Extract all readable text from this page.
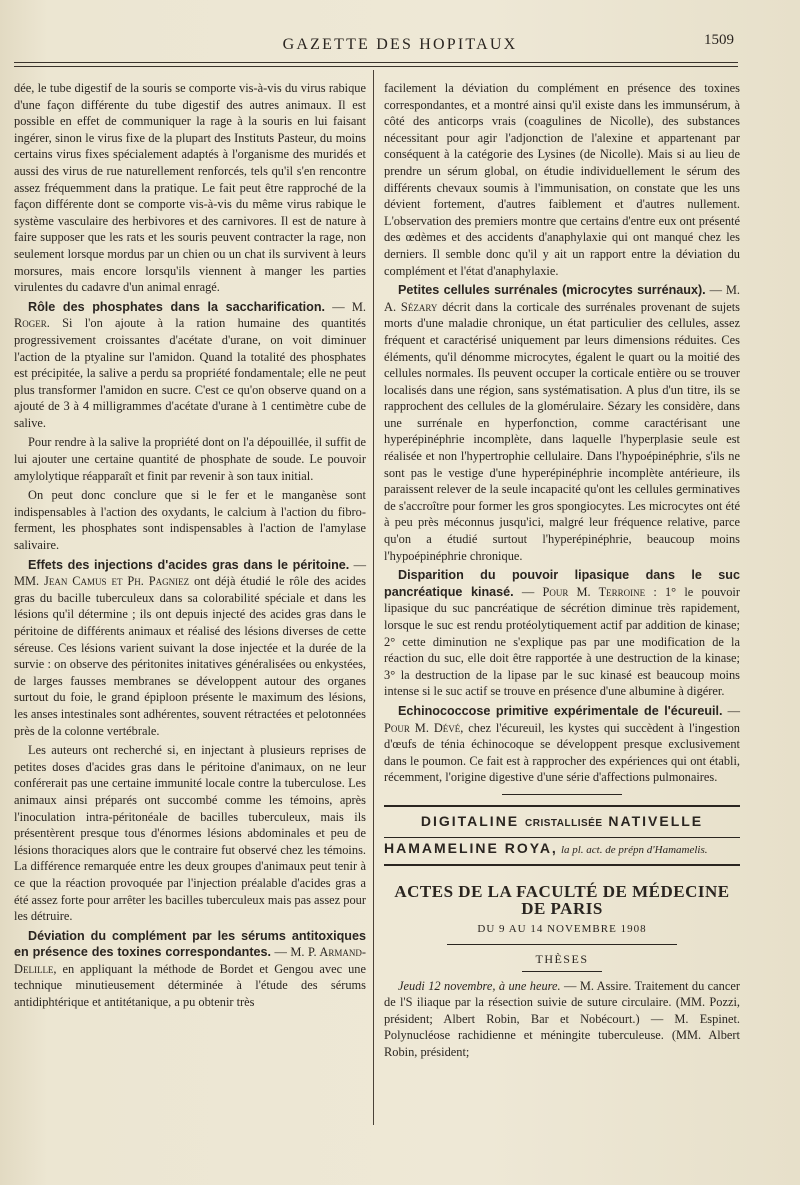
GAZETTE DES HOPITAUX	1509

dée, le tube digestif de la souris se comporte vis-à-vis du virus rabique d'une façon différente du tube digestif des autres animaux. Il est possible en effet de communiquer la rage à la souris en lui faisant ingérer, sinon le virus fixe de la plupart des Instituts Pasteur, du moins certains virus fixes spécialement adaptés à l'organisme des muridés et aussi des virus de rue naturellement renforcés, tels qu'il s'en rencontre assez fréquemment dans la pratique. Le fait peut être rapproché de la façon différente dont se comporte vis-à-vis du même virus rabique le système vasculaire des herbivores et des carnivores. Il est de nature à faire supposer que les rats et les souris peuvent contracter la rage, non seulement lorsque mordus par un chien ou un chat ils survivent à leurs morsures, mais encore lorsqu'ils viennent à manger les parties virulentes du cadavre d'un animal enragé.

Rôle des phosphates dans la saccharification. — M. Roger. Si l'on ajoute à la ration humaine des quantités progressivement croissantes d'acétate d'urane, on voit diminuer l'action de la ptyaline sur l'amidon. Quand la totalité des phosphates est précipitée, la salive a perdu sa propriété fondamentale; elle ne peut plus transformer l'amidon en sucre. C'est ce qu'on observe quand on a ajouté de 3 à 4 milligrammes d'acétate d'urane à 1 centimètre cube de salive.

Pour rendre à la salive la propriété dont on l'a dépouillée, il suffit de lui ajouter une certaine quantité de phosphate de soude. Le pouvoir amylolytique réapparaît et finit par revenir à son taux initial.

On peut donc conclure que si le fer et le manganèse sont indispensables à l'action des oxydants, le calcium à l'action du fibro-ferment, les phosphates sont indispensables à l'action de l'amylase salivaire.

Effets des injections d'acides gras dans le péritoine. — MM. Jean Camus et Ph. Pagniez ont déjà étudié le rôle des acides gras du bacille tuberculeux dans sa colorabilité spéciale et dans les lésions qu'il détermine ; ils ont depuis injecté des acides gras dans le péritoine de différents animaux et réalisé des lésions diverses de cette séreuse. Ces lésions varient suivant la dose injectée et la durée de la survie : on observe des péritonites initatives généralisées ou enkystées, de larges fausses membranes se développent autour des organes surtout du foie, le grand épiploon présente le maximum des lésions, les anses intestinales sont adhérentes, souvent rétractées et pelotonnées près de la colonne vertébrale.

Les auteurs ont recherché si, en injectant à plusieurs reprises de petites doses d'acides gras dans le péritoine d'animaux, on ne leur conférerait pas une certaine immunité locale contre la tuberculose. Les animaux ainsi préparés ont succombé comme les témoins, après l'inoculation intra-péritonéale de bacilles tuberculeux, mais ils présentèrent presque tous d'énormes lésions abdominales et peu de lésions thoraciques alors que le contraire fut observé chez les témoins. La différence remarquée entre les deux groupes d'animaux peut tenir à ce que la réaction provoquée par l'injection préalable d'acides gras a été assez forte pour arrêter les bacilles tuberculeux mais pas assez pour les détruire.

Déviation du complément par les sérums antitoxiques en présence des toxines correspondantes. — M. P. Armand-Delille, en appliquant la méthode de Bordet et Gengou avec une technique minutieusement déterminée à l'étude des sérums antidiphtérique et antitétanique, a pu obtenir très

facilement la déviation du complément en présence des toxines correspondantes, et a montré ainsi qu'il existe dans les immunsérum, à côté des anticorps vrais (coagulines de Nicolle), des substances nécessitant pour agir l'adjonction de l'alexine et appartenant par conséquent à la catégorie des Lysines (de Nicolle). Mais si au lieu de prendre un sérum global, on étudie individuellement le sérum des différents chevaux soumis à l'immunisation, on constate que les uns dévient fortement, d'autres faiblement et d'autres nullement. L'observation des premiers montre que certains d'entre eux ont présenté des œdèmes et des accidents d'anaphylaxie qui ont manqué chez les derniers. Il semble donc qu'il y ait un rapport entre la déviation du complément et l'état d'anaphylaxie.

Petites cellules surrénales (microcytes surrénaux). — M. A. Sézary décrit dans la corticale des surrénales provenant de sujets morts d'une maladie chronique, un état particulier des cellules, assez fréquent et caractérisé uniquement par leurs dimensions réduites. Ces éléments, qu'il dénomme microcytes, égalent le quart ou la moitié des cellules normales. Ils peuvent occuper la corticale entière ou se trouver localisés dans une région, sans systématisation. A plus d'un titre, ils se rapprochent des cellules de la glomérulaire. Sézary les considère, dans une surrénale en hyperfonction, comme caractérisant une hyperépinéphrie incomplète, dans laquelle l'hyperplasie seule est réalisée et non l'hypertrophie cellulaire. Dans l'hypoépinéphrie, s'ils ne sont pas le vestige d'une hyperépinéphrie incomplète antérieure, ils paraissent relever de la seule incapacité qu'ont les cellules germinatives de s'accroître pour former les gros spongiocytes. Les microcytes ont été à peu près méconnus jusqu'ici, malgré leur fréquence relative, parce qu'on a étudié surtout l'hyperépinéphrie, beaucoup moins l'hypoépinéphrie chronique.

Disparition du pouvoir lipasique dans le suc pancréatique kinasé. — Pour M. Terroine : 1° le pouvoir lipasique du suc pancréatique de sécrétion diminue très rapidement, lorsque le suc est rendu protéolytiquement actif par addition de kinase; 2° cette diminution ne s'explique pas par une modification de la réaction du suc, elle doit être rapportée à une destruction de la kinase; 3° la destruction de la lipase par le suc kinasé est beaucoup moins intense si le suc actif se trouve en présence d'une albumine à digérer.

Echinococcose primitive expérimentale de l'écureuil. — Pour M. Dévé, chez l'écureuil, les kystes qui succèdent à l'ingestion d'œufs de ténia échinocoque se développent presque exclusivement dans le poumon. Ce fait est à rapprocher des expériences qui ont établi, récemment, l'origine digestive d'une série d'affections pulmonaires.

DIGITALINE CRISTALLISÉE NATIVELLE
HAMAMELINE ROYA, la pl. act. de prépn d'Hamamelis.
ACTES DE LA FACULTÉ DE MÉDECINE DE PARIS
DU 9 AU 14 NOVEMBRE 1908
THÈSES

Jeudi 12 novembre, à une heure. — M. Assire. Traitement du cancer de l'S iliaque par la résection suivie de suture circulaire. (MM. Pozzi, président; Albert Robin, Bar et Nobécourt.) — M. Espinet. Polynucléose rachidienne et méningite tuberculeuse. (MM. Albert Robin, président;
